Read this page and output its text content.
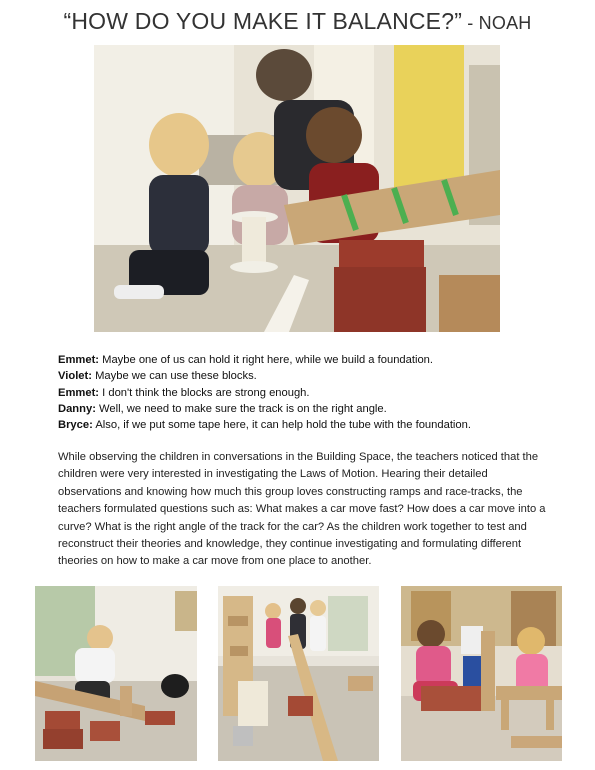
“HOW DO YOU MAKE IT BALANCE?” - NOAH
Emmet: Maybe one of us can hold it right here, while we build a foundation.
Violet: Maybe we can use these blocks.
Emmet: I don't think the blocks are strong enough.
Danny: Well, we need to make sure the track is on the right angle.
Bryce: Also, if we put some tape here, it can help hold the tube with the foundation.
While observing the children in conversations in the Building Space, the teachers noticed that the children were very interested in investigating the Laws of Motion. Hearing their detailed observations and knowing how much this group loves constructing ramps and race-tracks, the teachers formulated questions such as: What makes a car move fast? How does a car move into a curve? What is the right angle of the track for the car? As the children work together to test and reconstruct their theories and knowledge, they continue investigating and formulating different theories on how to make a car move from one place to another.
